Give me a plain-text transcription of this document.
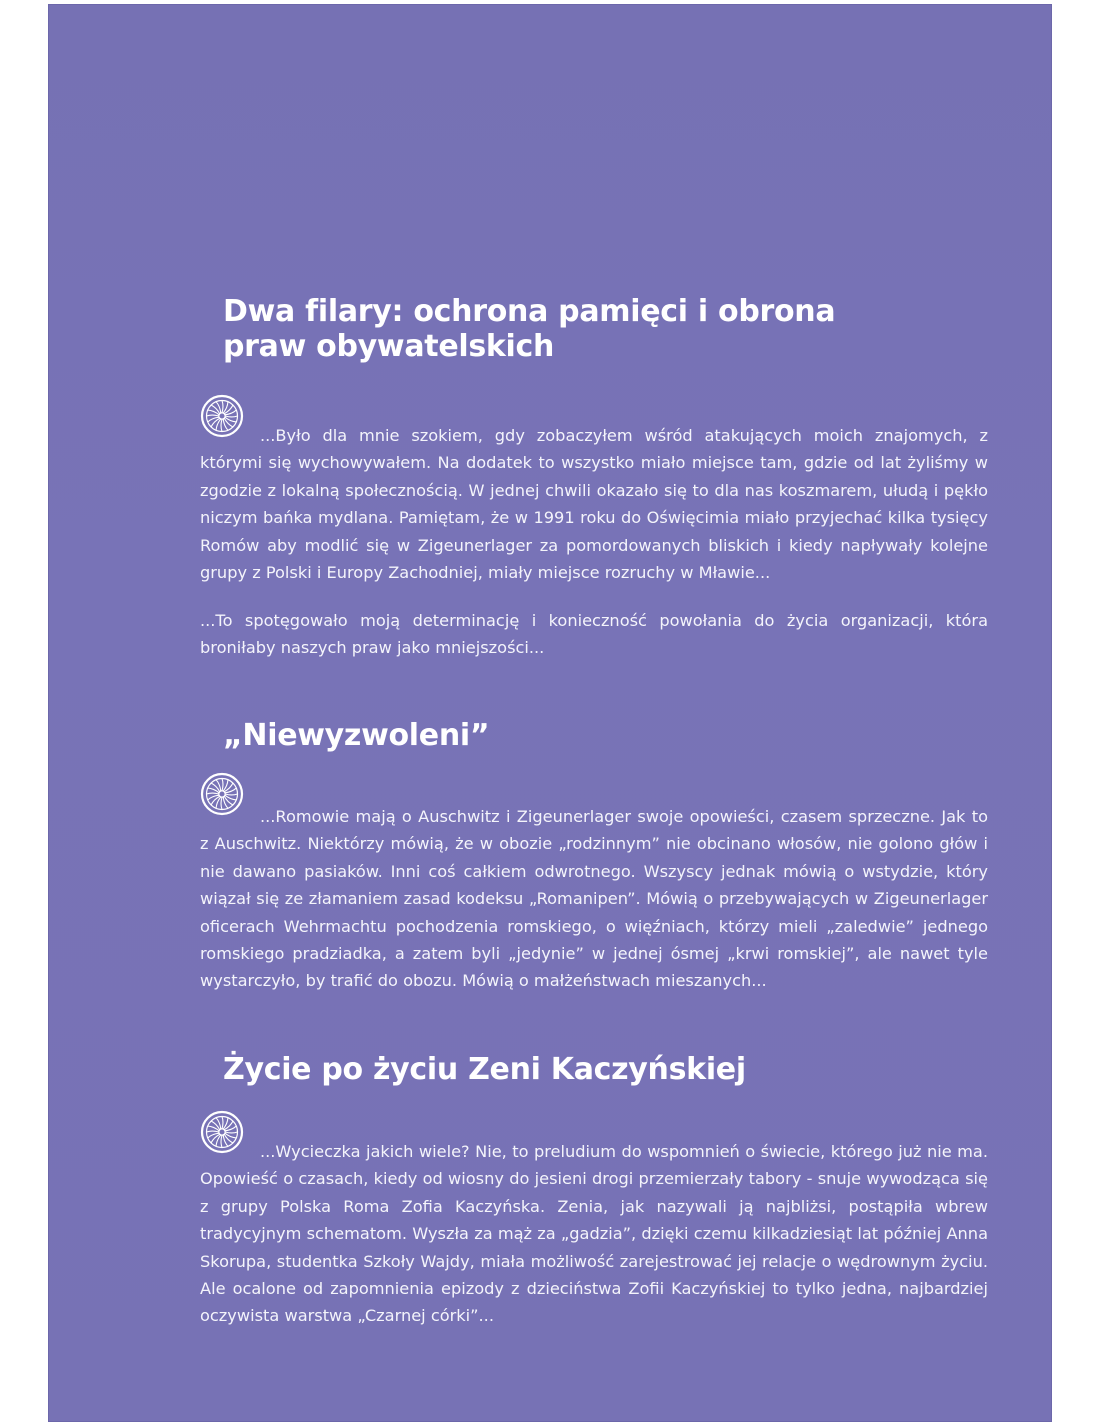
Dwa filary: ochrona pamięci i obrona praw obywatelskich

...Było dla mnie szokiem, gdy zobaczyłem wśród atakujących moich znajomych, z którymi się wychowywałem. Na dodatek to wszystko miało miejsce tam, gdzie od lat żyliśmy w zgodzie z lokalną społecznością. W jednej chwili okazało się to dla nas koszmarem, ułudą i pękło niczym bańka mydlana. Pamiętam, że w 1991 roku do Oświęcimia miało przyjechać kilka tysięcy Romów aby modlić się w Zigeunerlager za pomordowanych bliskich i kiedy napływały kolejne grupy z Polski i Europy Zachodniej, miały miejsce rozruchy w Mławie...

...To spotęgowało moją determinację i konieczność powołania do życia organizacji, która broniłaby naszych praw jako mniejszości...

„Niewyzwoleni”

...Romowie mają o Auschwitz i Zigeunerlager swoje opowieści, czasem sprzeczne. Jak to z Auschwitz. Niektórzy mówią, że w obozie „rodzinnym” nie obcinano włosów, nie golono głów i nie dawano pasiaków. Inni coś całkiem odwrotnego. Wszyscy jednak mówią o wstydzie, który wiązał się ze złamaniem zasad kodeksu „Romanipen”. Mówią o przebywających w Zigeunerlager oficerach Wehrmachtu pochodzenia romskiego, o więźniach, którzy mieli „zaledwie” jednego romskiego pradziadka, a zatem byli „jedynie” w jednej ósmej „krwi romskiej”, ale nawet tyle wystarczyło, by trafić do obozu. Mówią o małżeństwach mieszanych...

Życie po życiu Zeni Kaczyńskiej

...Wycieczka jakich wiele? Nie, to preludium do wspomnień o świecie, którego już nie ma. Opowieść o czasach, kiedy od wiosny do jesieni drogi przemierzały tabory - snuje wywodząca się z grupy Polska Roma Zofia Kaczyńska. Zenia, jak nazywali ją najbliżsi, postąpiła wbrew tradycyjnym schematom. Wyszła za mąż za „gadzia”, dzięki czemu kilkadziesiąt lat później Anna Skorupa, studentka Szkoły Wajdy, miała możliwość zarejestrować jej relacje o wędrownym życiu. Ale ocalone od zapomnienia epizody z dzieciństwa Zofii Kaczyńskiej to tylko jedna, najbardziej oczywista warstwa „Czarnej córki”...
